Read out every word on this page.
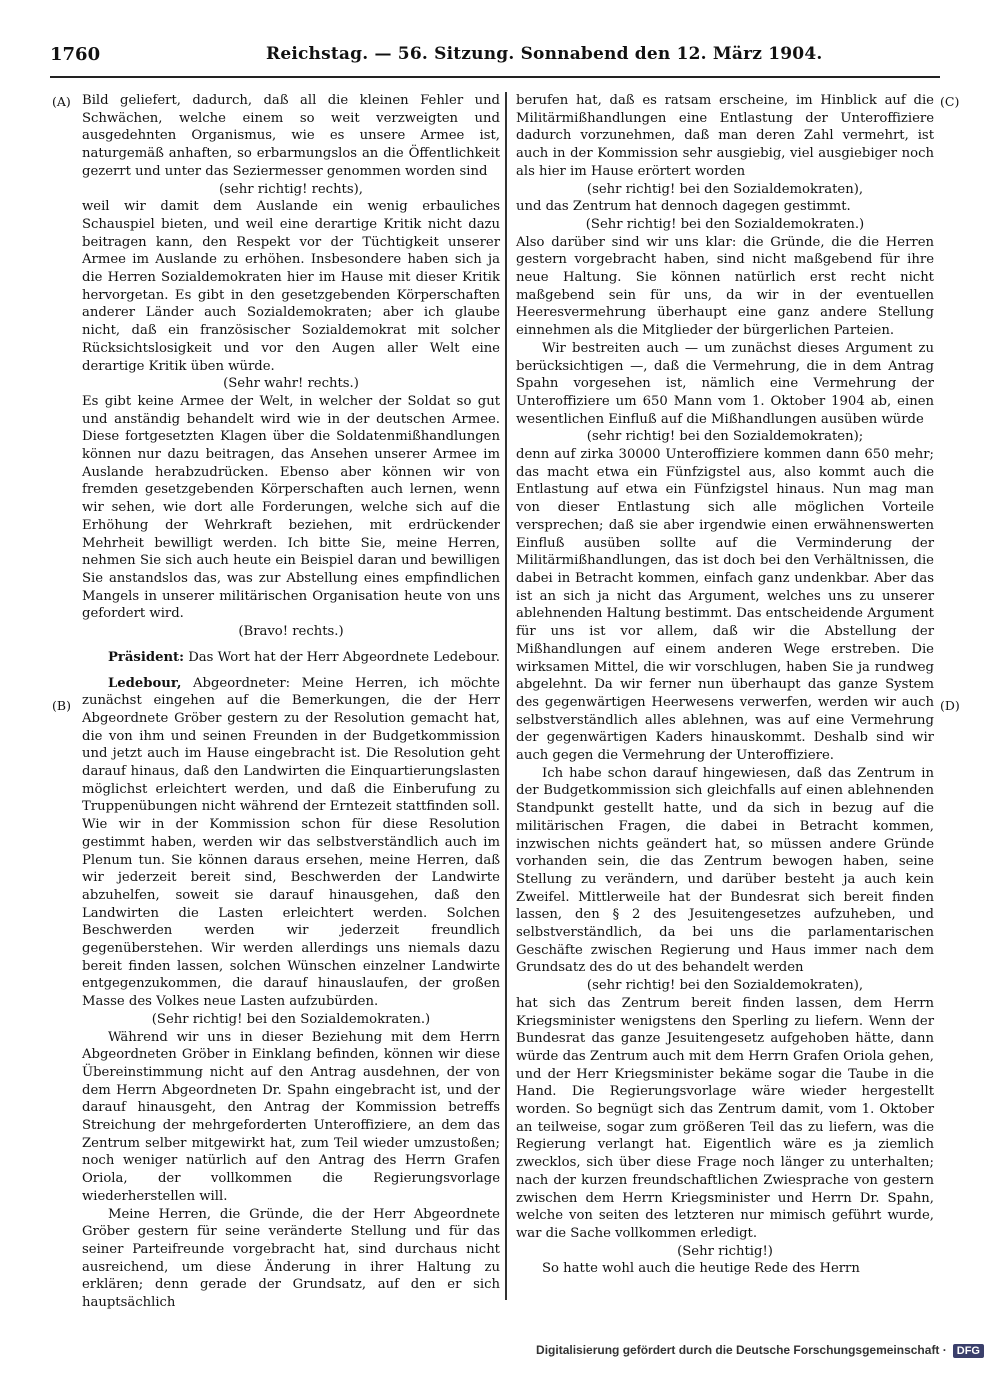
1760	Reichstag. — 56. Sitzung. Sonnabend den 12. März 1904.
(A)
(B)
(C)
(D)

Bild geliefert, dadurch, daß all die kleinen Fehler und Schwächen, welche einem so weit verzweigten und ausgedehnten Organismus, wie es unsere Armee ist, naturgemäß anhaften, so erbarmungslos an die Öffentlichkeit gezerrt und unter das Seziermesser genommen worden sind

(sehr richtig! rechts),

weil wir damit dem Auslande ein wenig erbauliches Schauspiel bieten, und weil eine derartige Kritik nicht dazu beitragen kann, den Respekt vor der Tüchtigkeit unserer Armee im Auslande zu erhöhen. Insbesondere haben sich ja die Herren Sozialdemokraten hier im Hause mit dieser Kritik hervorgetan. Es gibt in den gesetzgebenden Körperschaften anderer Länder auch Sozialdemokraten; aber ich glaube nicht, daß ein französischer Sozialdemokrat mit solcher Rücksichtslosigkeit und vor den Augen aller Welt eine derartige Kritik üben würde.

(Sehr wahr! rechts.)

Es gibt keine Armee der Welt, in welcher der Soldat so gut und anständig behandelt wird wie in der deutschen Armee. Diese fortgesetzten Klagen über die Soldatenmißhandlungen können nur dazu beitragen, das Ansehen unserer Armee im Auslande herabzudrücken. Ebenso aber können wir von fremden gesetzgebenden Körperschaften auch lernen, wenn wir sehen, wie dort alle Forderungen, welche sich auf die Erhöhung der Wehrkraft beziehen, mit erdrückender Mehrheit bewilligt werden. Ich bitte Sie, meine Herren, nehmen Sie sich auch heute ein Beispiel daran und bewilligen Sie anstandslos das, was zur Abstellung eines empfindlichen Mangels in unserer militärischen Organisation heute von uns gefordert wird.

(Bravo! rechts.)

Präsident: Das Wort hat der Herr Abgeordnete Ledebour.

Ledebour, Abgeordneter: Meine Herren, ich möchte zunächst eingehen auf die Bemerkungen, die der Herr Abgeordnete Gröber gestern zu der Resolution gemacht hat, die von ihm und seinen Freunden in der Budgetkommission und jetzt auch im Hause eingebracht ist. Die Resolution geht darauf hinaus, daß den Landwirten die Einquartierungslasten möglichst erleichtert werden, und daß die Einberufung zu Truppenübungen nicht während der Erntezeit stattfinden soll. Wie wir in der Kommission schon für diese Resolution gestimmt haben, werden wir das selbstverständlich auch im Plenum tun. Sie können daraus ersehen, meine Herren, daß wir jederzeit bereit sind, Beschwerden der Landwirte abzuhelfen, soweit sie darauf hinausgehen, daß den Landwirten die Lasten erleichtert werden. Solchen Beschwerden werden wir jederzeit freundlich gegenüberstehen. Wir werden allerdings uns niemals dazu bereit finden lassen, solchen Wünschen einzelner Landwirte entgegenzukommen, die darauf hinauslaufen, der großen Masse des Volkes neue Lasten aufzubürden.

(Sehr richtig! bei den Sozialdemokraten.)

Während wir uns in dieser Beziehung mit dem Herrn Abgeordneten Gröber in Einklang befinden, können wir diese Übereinstimmung nicht auf den Antrag ausdehnen, der von dem Herrn Abgeordneten Dr. Spahn eingebracht ist, und der darauf hinausgeht, den Antrag der Kommission betreffs Streichung der mehrgeforderten Unteroffiziere, an dem das Zentrum selber mitgewirkt hat, zum Teil wieder umzustoßen; noch weniger natürlich auf den Antrag des Herrn Grafen Oriola, der vollkommen die Regierungsvorlage wiederherstellen will.

Meine Herren, die Gründe, die der Herr Abgeordnete Gröber gestern für seine veränderte Stellung und für das seiner Parteifreunde vorgebracht hat, sind durchaus nicht ausreichend, um diese Änderung in ihrer Haltung zu erklären; denn gerade der Grundsatz, auf den er sich hauptsächlich

berufen hat, daß es ratsam erscheine, im Hinblick auf die Militärmißhandlungen eine Entlastung der Unteroffiziere dadurch vorzunehmen, daß man deren Zahl vermehrt, ist auch in der Kommission sehr ausgiebig, viel ausgiebiger noch als hier im Hause erörtert worden

(sehr richtig! bei den Sozialdemokraten),

und das Zentrum hat dennoch dagegen gestimmt.

(Sehr richtig! bei den Sozialdemokraten.)

Also darüber sind wir uns klar: die Gründe, die die Herren gestern vorgebracht haben, sind nicht maßgebend für ihre neue Haltung. Sie können natürlich erst recht nicht maßgebend sein für uns, da wir in der eventuellen Heeresvermehrung überhaupt eine ganz andere Stellung einnehmen als die Mitglieder der bürgerlichen Parteien.

Wir bestreiten auch — um zunächst dieses Argument zu berücksichtigen —, daß die Vermehrung, die in dem Antrag Spahn vorgesehen ist, nämlich eine Vermehrung der Unteroffiziere um 650 Mann vom 1. Oktober 1904 ab, einen wesentlichen Einfluß auf die Mißhandlungen ausüben würde

(sehr richtig! bei den Sozialdemokraten);

denn auf zirka 30000 Unteroffiziere kommen dann 650 mehr; das macht etwa ein Fünfzigstel aus, also kommt auch die Entlastung auf etwa ein Fünfzigstel hinaus. Nun mag man von dieser Entlastung sich alle möglichen Vorteile versprechen; daß sie aber irgendwie einen erwähnenswerten Einfluß ausüben sollte auf die Verminderung der Militärmißhandlungen, das ist doch bei den Verhältnissen, die dabei in Betracht kommen, einfach ganz undenkbar. Aber das ist an sich ja nicht das Argument, welches uns zu unserer ablehnenden Haltung bestimmt. Das entscheidende Argument für uns ist vor allem, daß wir die Abstellung der Mißhandlungen auf einem anderen Wege erstreben. Die wirksamen Mittel, die wir vorschlugen, haben Sie ja rundweg abgelehnt. Da wir ferner nun überhaupt das ganze System des gegenwärtigen Heerwesens verwerfen, werden wir auch selbstverständlich alles ablehnen, was auf eine Vermehrung der gegenwärtigen Kaders hinauskommt. Deshalb sind wir auch gegen die Vermehrung der Unteroffiziere.

Ich habe schon darauf hingewiesen, daß das Zentrum in der Budgetkommission sich gleichfalls auf einen ablehnenden Standpunkt gestellt hatte, und da sich in bezug auf die militärischen Fragen, die dabei in Betracht kommen, inzwischen nichts geändert hat, so müssen andere Gründe vorhanden sein, die das Zentrum bewogen haben, seine Stellung zu verändern, und darüber besteht ja auch kein Zweifel. Mittlerweile hat der Bundesrat sich bereit finden lassen, den § 2 des Jesuitengesetzes aufzuheben, und selbstverständlich, da bei uns die parlamentarischen Geschäfte zwischen Regierung und Haus immer nach dem Grundsatz des do ut des behandelt werden

(sehr richtig! bei den Sozialdemokraten),

hat sich das Zentrum bereit finden lassen, dem Herrn Kriegsminister wenigstens den Sperling zu liefern. Wenn der Bundesrat das ganze Jesuitengesetz aufgehoben hätte, dann würde das Zentrum auch mit dem Herrn Grafen Oriola gehen, und der Herr Kriegsminister bekäme sogar die Taube in die Hand. Die Regierungsvorlage wäre wieder hergestellt worden. So begnügt sich das Zentrum damit, vom 1. Oktober an teilweise, sogar zum größeren Teil das zu liefern, was die Regierung verlangt hat. Eigentlich wäre es ja ziemlich zwecklos, sich über diese Frage noch länger zu unterhalten; nach der kurzen freundschaftlichen Zwiesprache von gestern zwischen dem Herrn Kriegsminister und Herrn Dr. Spahn, welche von seiten des letzteren nur mimisch geführt wurde, war die Sache vollkommen erledigt.

(Sehr richtig!)

So hatte wohl auch die heutige Rede des Herrn

Digitalisierung gefördert durch die Deutsche Forschungsgemeinschaft · DFG
